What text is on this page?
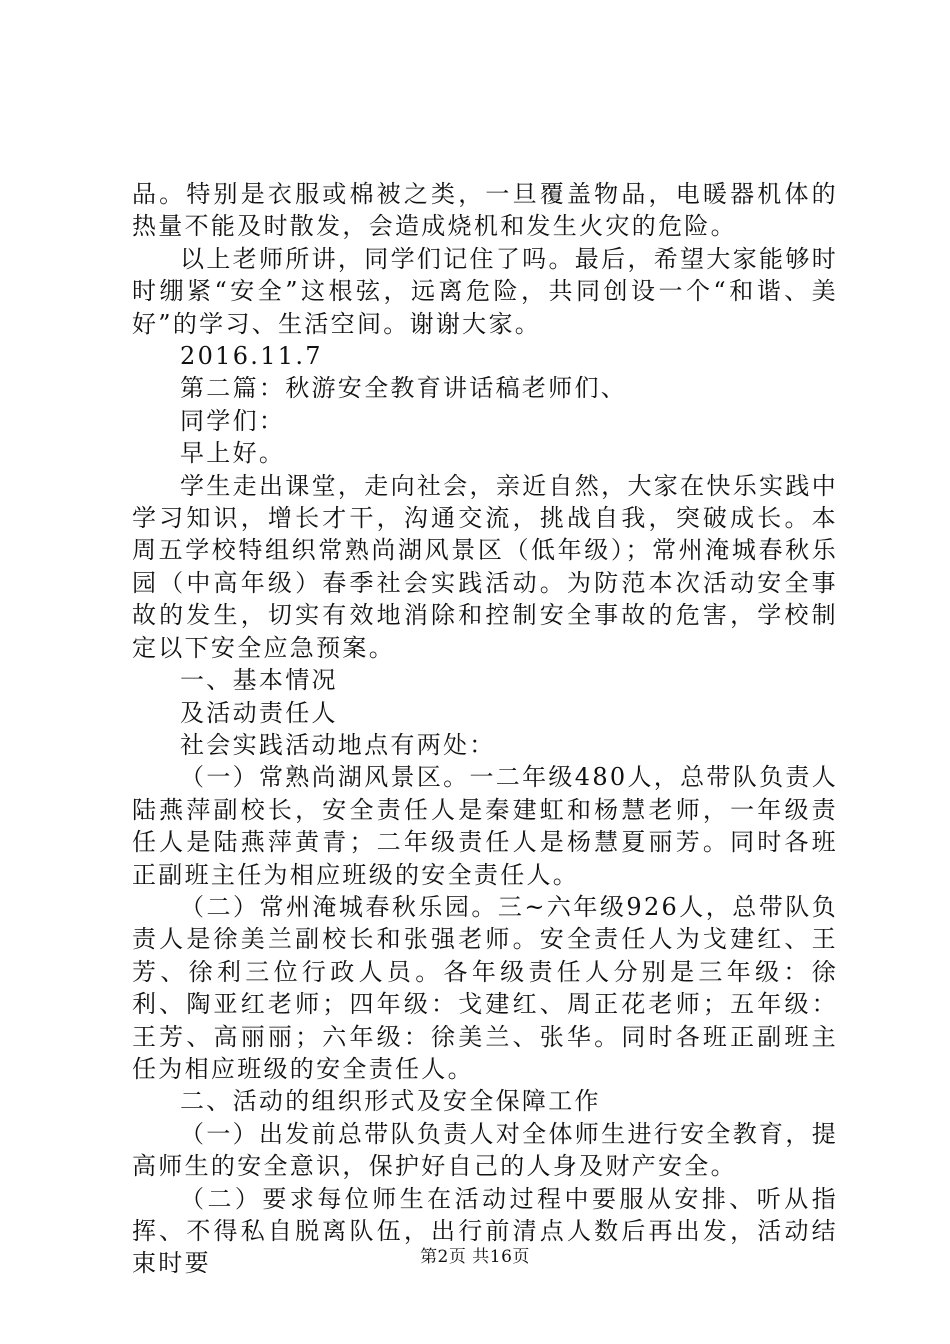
品。特别是衣服或棉被之类，一旦覆盖物品，电暖器机体的热量不能及时散发，会造成烧机和发生火灾的危险。

以上老师所讲，同学们记住了吗。最后，希望大家能够时时绷紧“安全”这根弦，远离危险，共同创设一个“和谐、美好”的学习、生活空间。谢谢大家。

2016.11.7

第二篇：秋游安全教育讲话稿老师们、

同学们：

早上好。

学生走出课堂，走向社会，亲近自然，大家在快乐实践中学习知识，增长才干，沟通交流，挑战自我，突破成长。本周五学校特组织常熟尚湖风景区（低年级）；常州淹城春秋乐园（中高年级）春季社会实践活动。为防范本次活动安全事故的发生，切实有效地消除和控制安全事故的危害，学校制定以下安全应急预案。

一、基本情况

及活动责任人

社会实践活动地点有两处：

（一）常熟尚湖风景区。一二年级480人，总带队负责人陆燕萍副校长，安全责任人是秦建虹和杨慧老师，一年级责任人是陆燕萍黄青；二年级责任人是杨慧夏丽芳。同时各班正副班主任为相应班级的安全责任人。

（二）常州淹城春秋乐园。三~六年级926人，总带队负责人是徐美兰副校长和张强老师。安全责任人为戈建红、王芳、徐利三位行政人员。各年级责任人分别是三年级：徐利、陶亚红老师；四年级：戈建红、周正花老师；五年级：王芳、高丽丽；六年级：徐美兰、张华。同时各班正副班主任为相应班级的安全责任人。

二、活动的组织形式及安全保障工作

（一）出发前总带队负责人对全体师生进行安全教育，提高师生的安全意识，保护好自己的人身及财产安全。

（二）要求每位师生在活动过程中要服从安排、听从指挥、不得私自脱离队伍，出行前清点人数后再出发，活动结束时要	第2页 共16页
